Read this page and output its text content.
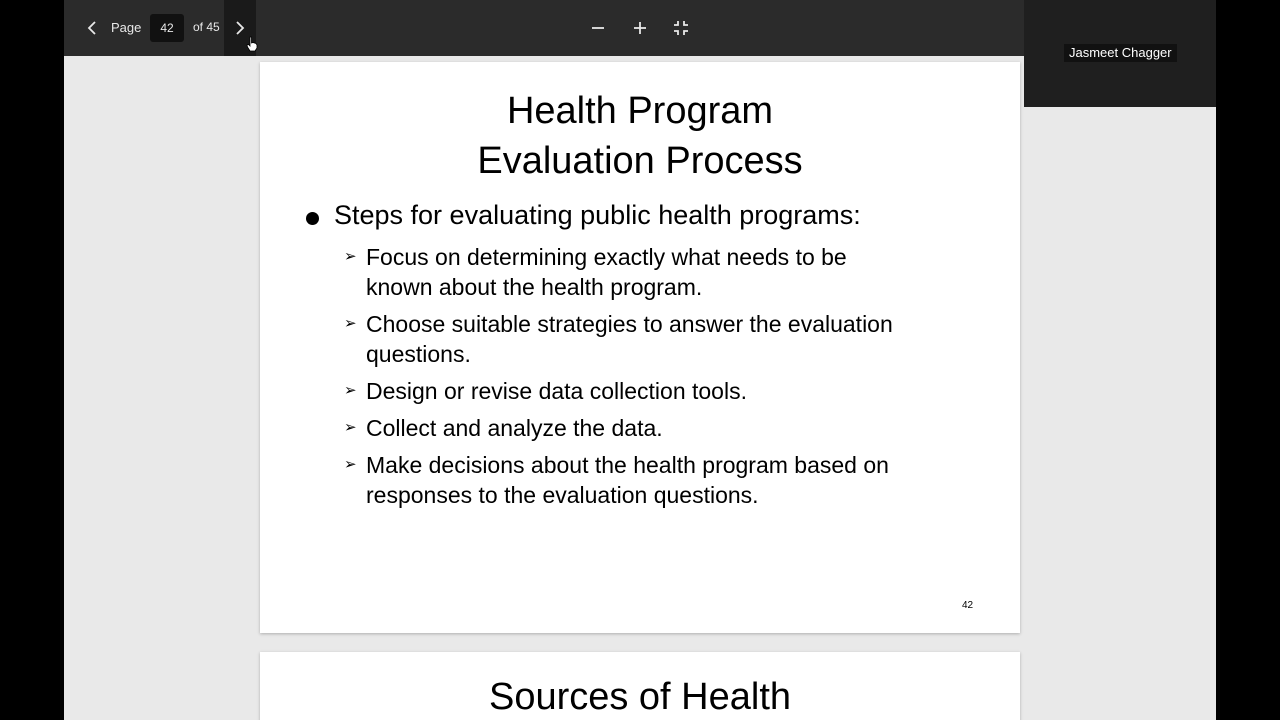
Page
42	of 45
Health Program
Evaluation Process
Steps for evaluating public health programs:
➢ Focus on determining exactly what needs to be
known about the health program.
➢ Choose suitable strategies to answer the evaluation
questions.
➢ Design or revise data collection tools.
➢ Collect and analyze the data.
➢ Make decisions about the health program based on
responses to the evaluation questions.
42
Sources of Health
Jasmeet Chagger
